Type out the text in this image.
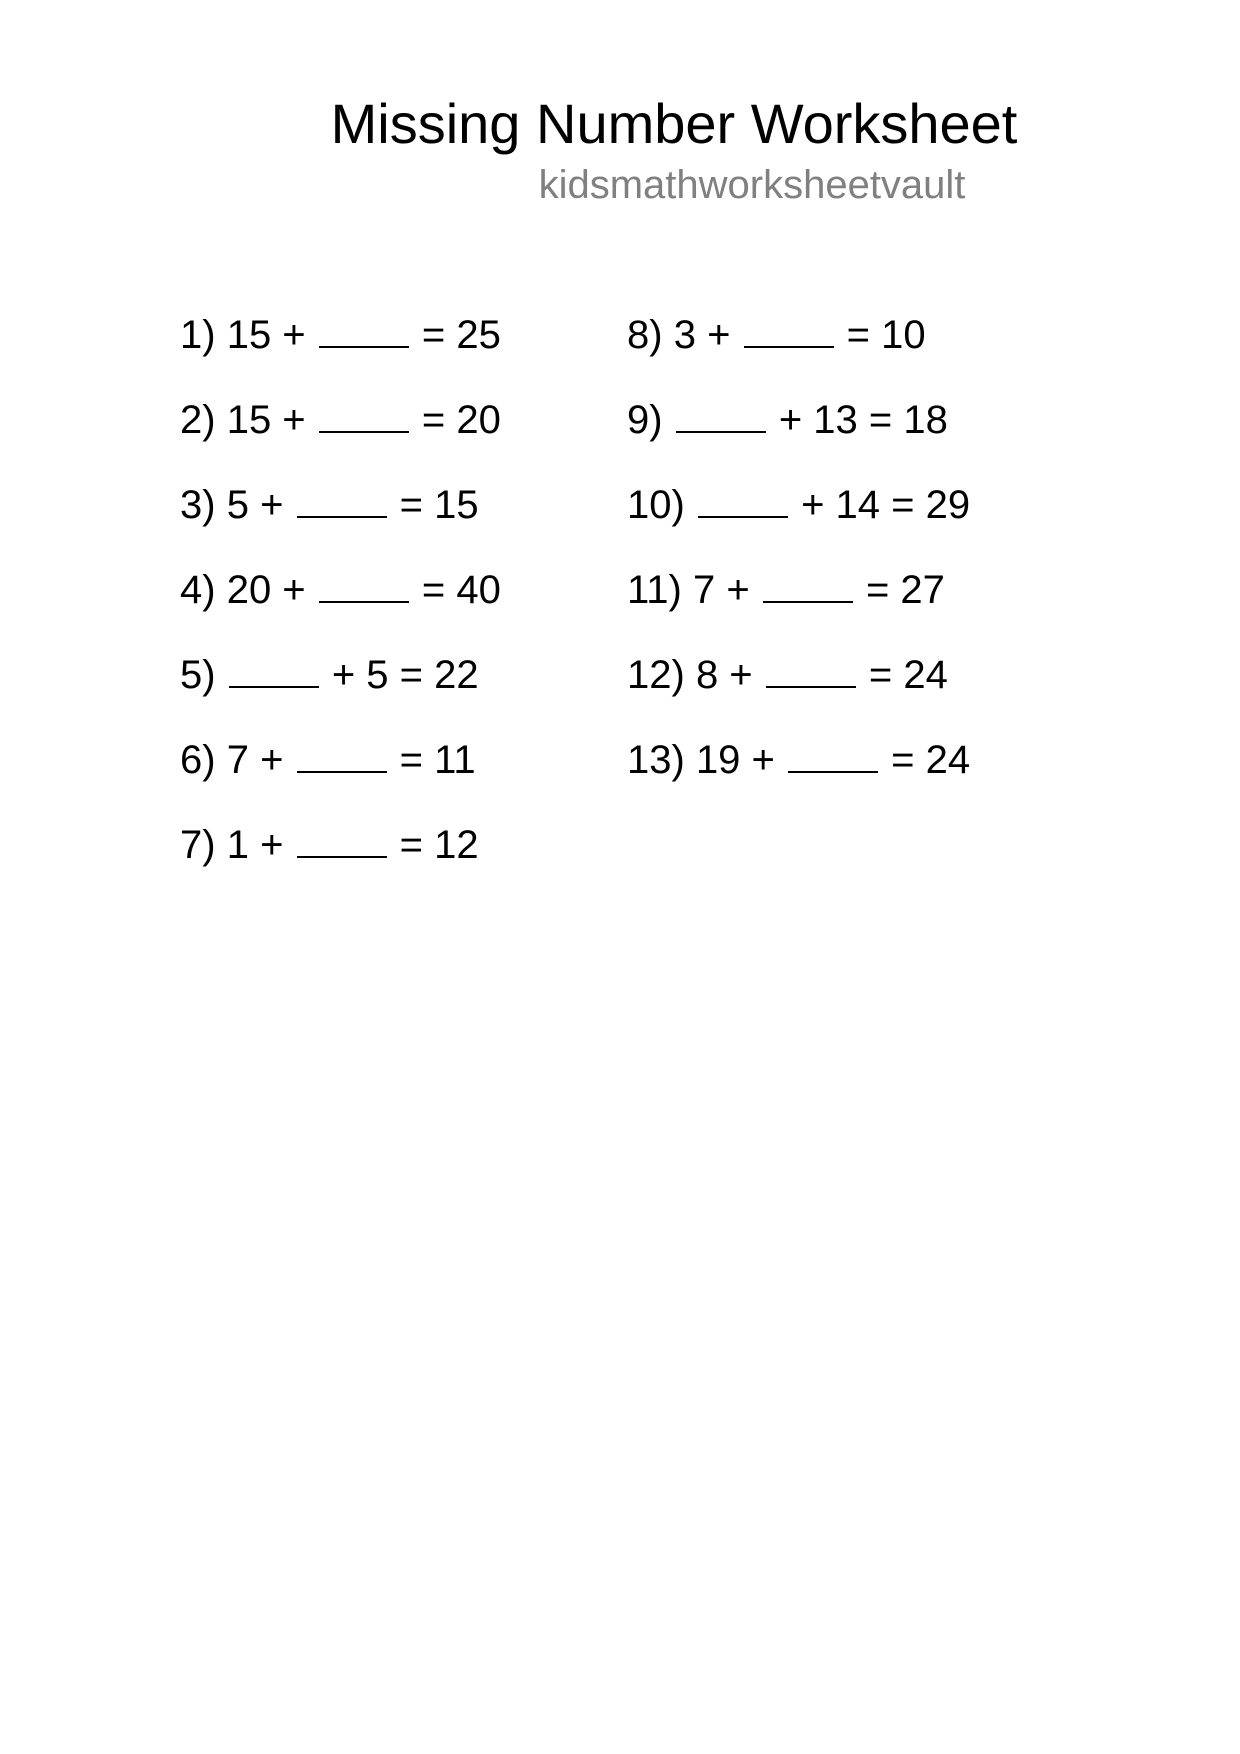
Missing Number Worksheet
kidsmathworksheetvault
1) 15 +	= 25
2) 15 +	= 20
3) 5 +	= 15
4) 20 +	= 40
5)	+ 5 = 22
6) 7 +	= 11
7) 1 +	= 12
8) 3 +	= 10
9)	+ 13 = 18
10)	+ 14 = 29
11) 7 +	= 27
12) 8 +	= 24
13) 19 +	= 24
